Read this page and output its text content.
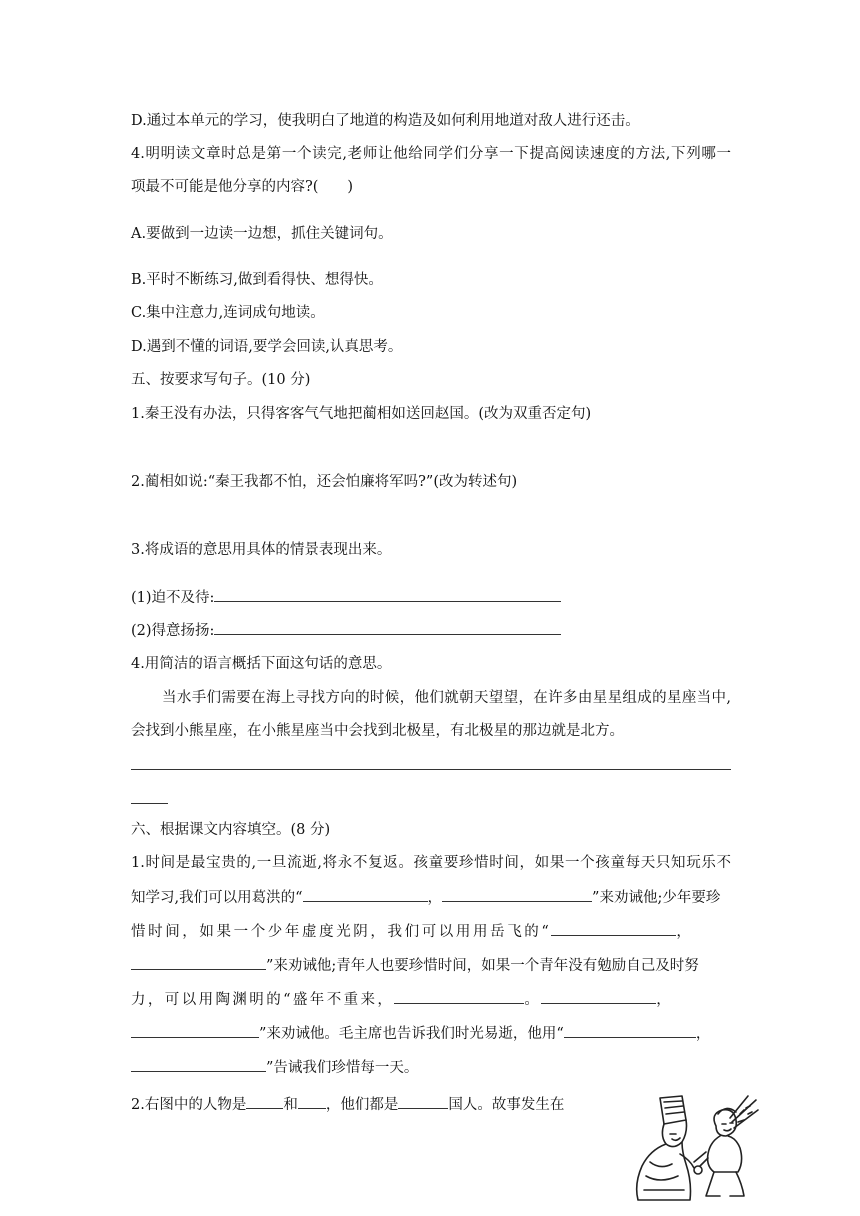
D.通过本单元的学习，使我明白了地道的构造及如何利用地道对敌人进行还击。
4.明明读文章时总是第一个读完,老师让他给同学们分享一下提高阅读速度的方法,下列哪一
项最不可能是他分享的内容?(　　)
A.要做到一边读一边想，抓住关键词句。
B.平时不断练习,做到看得快、想得快。
C.集中注意力,连词成句地读。
D.遇到不懂的词语,要学会回读,认真思考。
五、按要求写句子。(10 分)
1.秦王没有办法，只得客客气气地把蔺相如送回赵国。(改为双重否定句)
2.蔺相如说:“秦王我都不怕，还会怕廉将军吗?”(改为转述句)
3.将成语的意思用具体的情景表现出来。
(1)迫不及待:
(2)得意扬扬:
4.用简洁的语言概括下面这句话的意思。
当水手们需要在海上寻找方向的时候，他们就朝天望望，在许多由星星组成的星座当中,
会找到小熊星座，在小熊星座当中会找到北极星，有北极星的那边就是北方。
六、根据课文内容填空。(8 分)
1.时间是最宝贵的,一旦流逝,将永不复返。孩童要珍惜时间，如果一个孩童每天只知玩乐不
知学习,我们可以用葛洪的“	，	”来劝诫他;少年要珍
惜时间，如果一个少年虚度光阴，我们可以用用岳飞的“	，
”来劝诫他;青年人也要珍惜时间，如果一个青年没有勉励自己及时努
力，可以用陶渊明的“盛年不重来，	。	，
”来劝诫他。毛主席也告诉我们时光易逝，他用“	，
”告诫我们珍惜每一天。
2.右图中的人物是	和 ，他们都是	国人。故事发生在
